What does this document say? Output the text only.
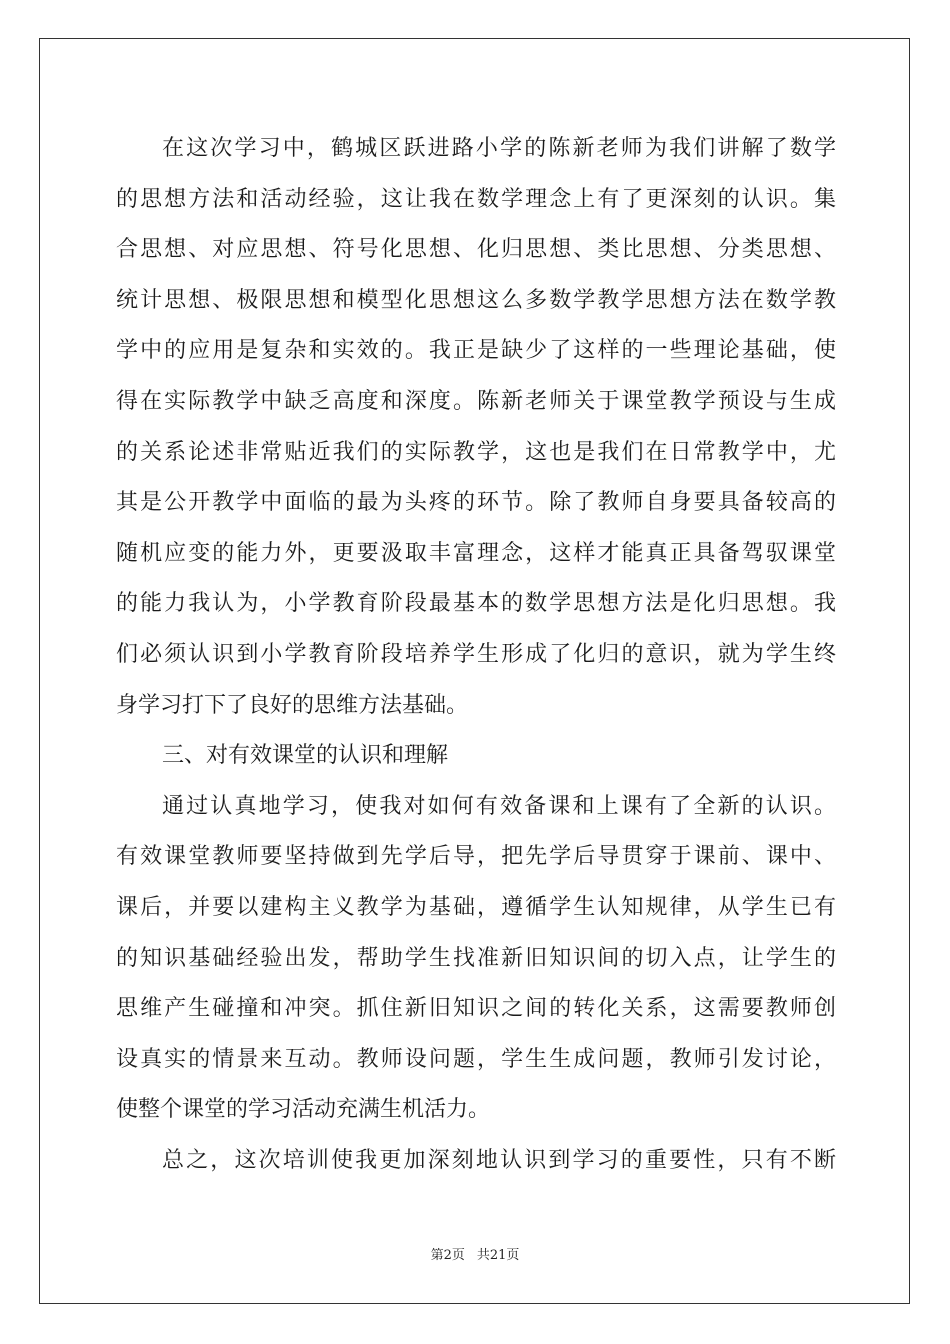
在这次学习中，鹤城区跃进路小学的陈新老师为我们讲解了数学
的思想方法和活动经验，这让我在数学理念上有了更深刻的认识。集
合思想、对应思想、符号化思想、化归思想、类比思想、分类思想、
统计思想、极限思想和模型化思想这么多数学教学思想方法在数学教
学中的应用是复杂和实效的。我正是缺少了这样的一些理论基础，使
得在实际教学中缺乏高度和深度。陈新老师关于课堂教学预设与生成
的关系论述非常贴近我们的实际教学，这也是我们在日常教学中，尤
其是公开教学中面临的最为头疼的环节。除了教师自身要具备较高的
随机应变的能力外，更要汲取丰富理念，这样才能真正具备驾驭课堂
的能力我认为，小学教育阶段最基本的数学思想方法是化归思想。我
们必须认识到小学教育阶段培养学生形成了化归的意识，就为学生终
身学习打下了良好的思维方法基础。
三、对有效课堂的认识和理解
通过认真地学习，使我对如何有效备课和上课有了全新的认识。
有效课堂教师要坚持做到先学后导，把先学后导贯穿于课前、课中、
课后，并要以建构主义教学为基础，遵循学生认知规律，从学生已有
的知识基础经验出发，帮助学生找准新旧知识间的切入点，让学生的
思维产生碰撞和冲突。抓住新旧知识之间的转化关系，这需要教师创
设真实的情景来互动。教师设问题，学生生成问题，教师引发讨论，
使整个课堂的学习活动充满生机活力。
总之，这次培训使我更加深刻地认识到学习的重要性，只有不断
第2页 共21页
